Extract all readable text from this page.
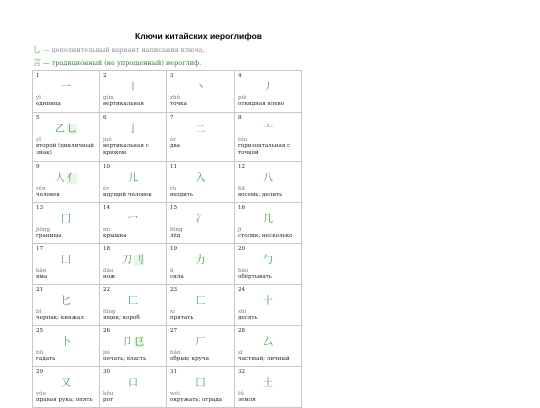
Ключи китайских иероглифов
乚 — дополнительный вариант написания ключа;
言 — традиционный (не упрощенный) иероглиф.
1
一
yī
единица
2
丨
gǔn
вертикальная
3
丶
zhǔ
точка
4
丿
piě
откидная влево
5
乙 乚
yǐ
второй (цикличный знак)
6
亅
jué
вертикальная с крюком
7
二
èr
два
8
亠
tóu
горизонтальная с точкой
9
人 亻
rén
человек
10
儿
ér
идущий человек
11
入
rù
входить
12
八
bā
восемь; делить
13
冂
jiōng
границы
14
冖
mì
крышка
15
冫
bīng
лёд
16
几
jī
столик; несколько
17
凵
kǎn
яма
18
刀 刂
dāo
нож
19
力
lì
сила
20
勹
bāo
обёртывать
21
匕
bǐ
черпак; кинжал
22
匚
fāng
ящик; короб
23
匸
xì
прятать
24
十
shí
десять
25
卜
bǔ
гадать
26
卩 㔾
jié
печать; власть
27
厂
hǎn
обрыв; круча
28
厶
sī
частный; личный
29
又
yòu
правая рука; опять
30
口
kǒu
рот
31
囗
wéi
окружать; ограда
32
土
tǔ
земля
